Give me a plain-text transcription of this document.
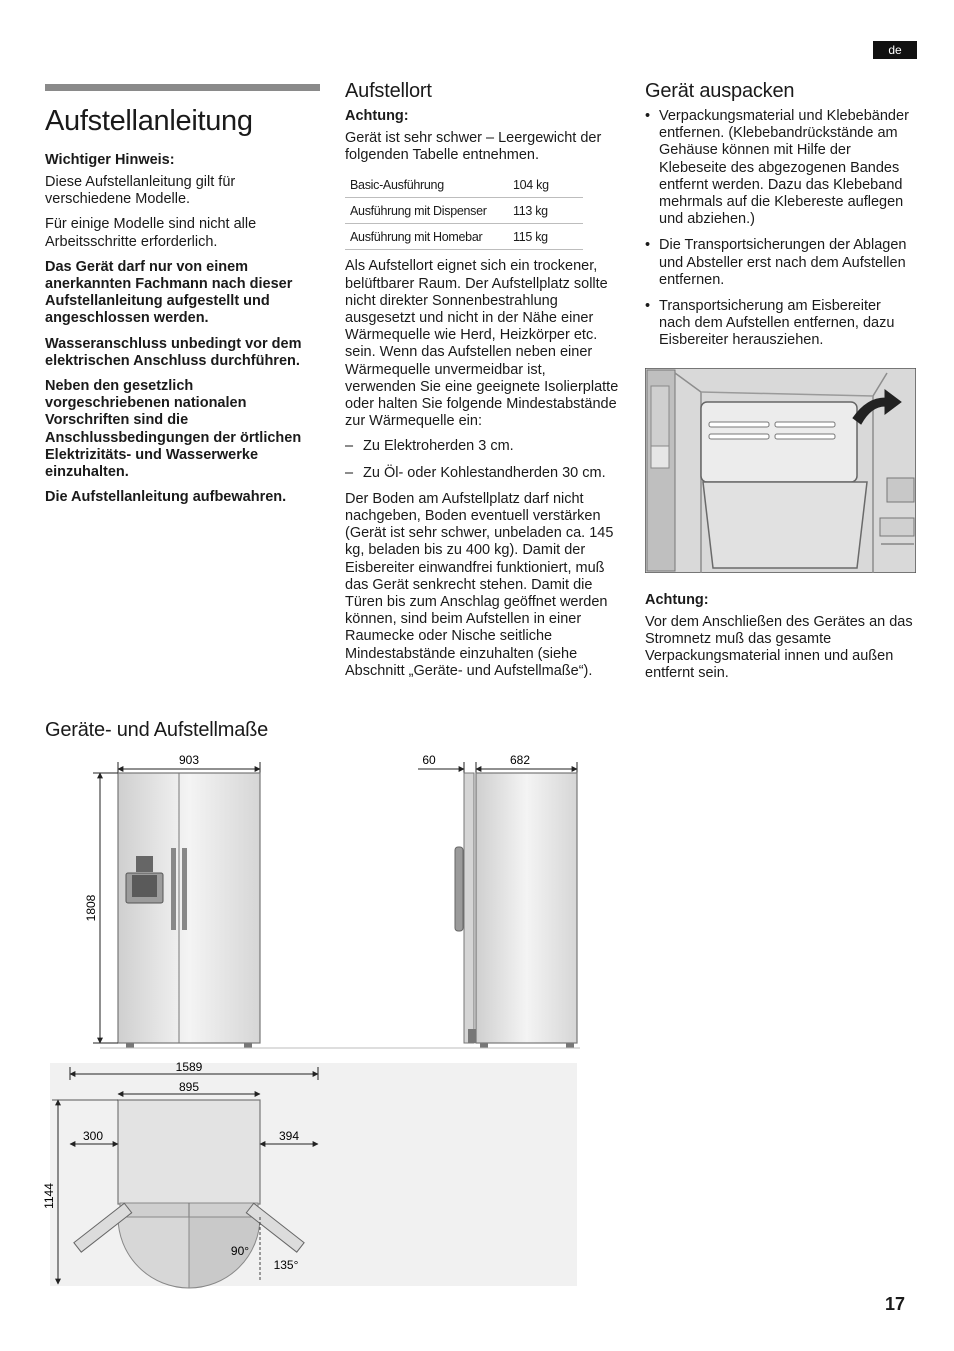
de
Aufstellanleitung

Wichtiger Hinweis:

Diese Aufstellanleitung gilt für verschiedene Modelle.

Für einige Modelle sind nicht alle Arbeitsschritte erforderlich.

Das Gerät darf nur von einem anerkannten Fachmann nach dieser Aufstellanleitung aufgestellt und angeschlossen werden.

Wasseranschluss unbedingt vor dem elektrischen Anschluss durchführen.

Neben den gesetzlich vorgeschriebenen nationalen Vorschriften sind die Anschlussbedingungen der örtlichen Elektrizitäts- und Wasserwerke einzuhalten.

Die Aufstellanleitung aufbewahren.

Aufstellort

Achtung:

Gerät ist sehr schwer – Leergewicht der folgenden Tabelle entnehmen.

Basic-Ausführung	104 kg
Ausführung mit Dispenser	113 kg
Ausführung mit Homebar	115 kg

Als Aufstellort eignet sich ein trockener, belüftbarer Raum. Der Aufstellplatz sollte nicht direkter Sonnenbestrahlung ausgesetzt und nicht in der Nähe einer Wärmequelle wie Herd, Heizkörper etc. sein. Wenn das Aufstellen neben einer Wärmequelle unvermeidbar ist, verwenden Sie eine geeignete Isolierplatte oder halten Sie folgende Mindestabstände zur Wärmequelle ein:

– Zu Elektroherden 3 cm.
– Zu Öl- oder Kohlestandherden 30 cm.

Der Boden am Aufstellplatz darf nicht nachgeben, Boden eventuell verstärken (Gerät ist sehr schwer, unbeladen ca. 145 kg, beladen bis zu 400 kg). Damit der Eisbereiter einwandfrei funktioniert, muß das Gerät senkrecht stehen. Damit die Türen bis zum Anschlag geöffnet werden können, sind beim Aufstellen in einer Raumecke oder Nische seitliche Mindestabstände einzuhalten (siehe Abschnitt „Geräte- und Aufstellmaße“).

Gerät auspacken
• Verpackungsmaterial und Klebebänder entfernen. (Klebebandrückstände am Gehäuse können mit Hilfe der Klebeseite des abgezogenen Bandes entfernt werden. Dazu das Klebeband mehrmals auf die Klebereste auflegen und abziehen.)
• Die Transportsicherungen der Ablagen und Absteller erst nach dem Aufstellen entfernen.
• Transportsicherung am Eisbereiter nach dem Aufstellen entfernen, dazu Eisbereiter herausziehen.

Achtung:

Vor dem Anschließen des Gerätes an das Stromnetz muß das gesamte Verpackungsmaterial innen und außen entfernt sein.

Geräte- und Aufstellmaße
903
1808
60	682
1589
895
300	394
1144
90°
135°
17
